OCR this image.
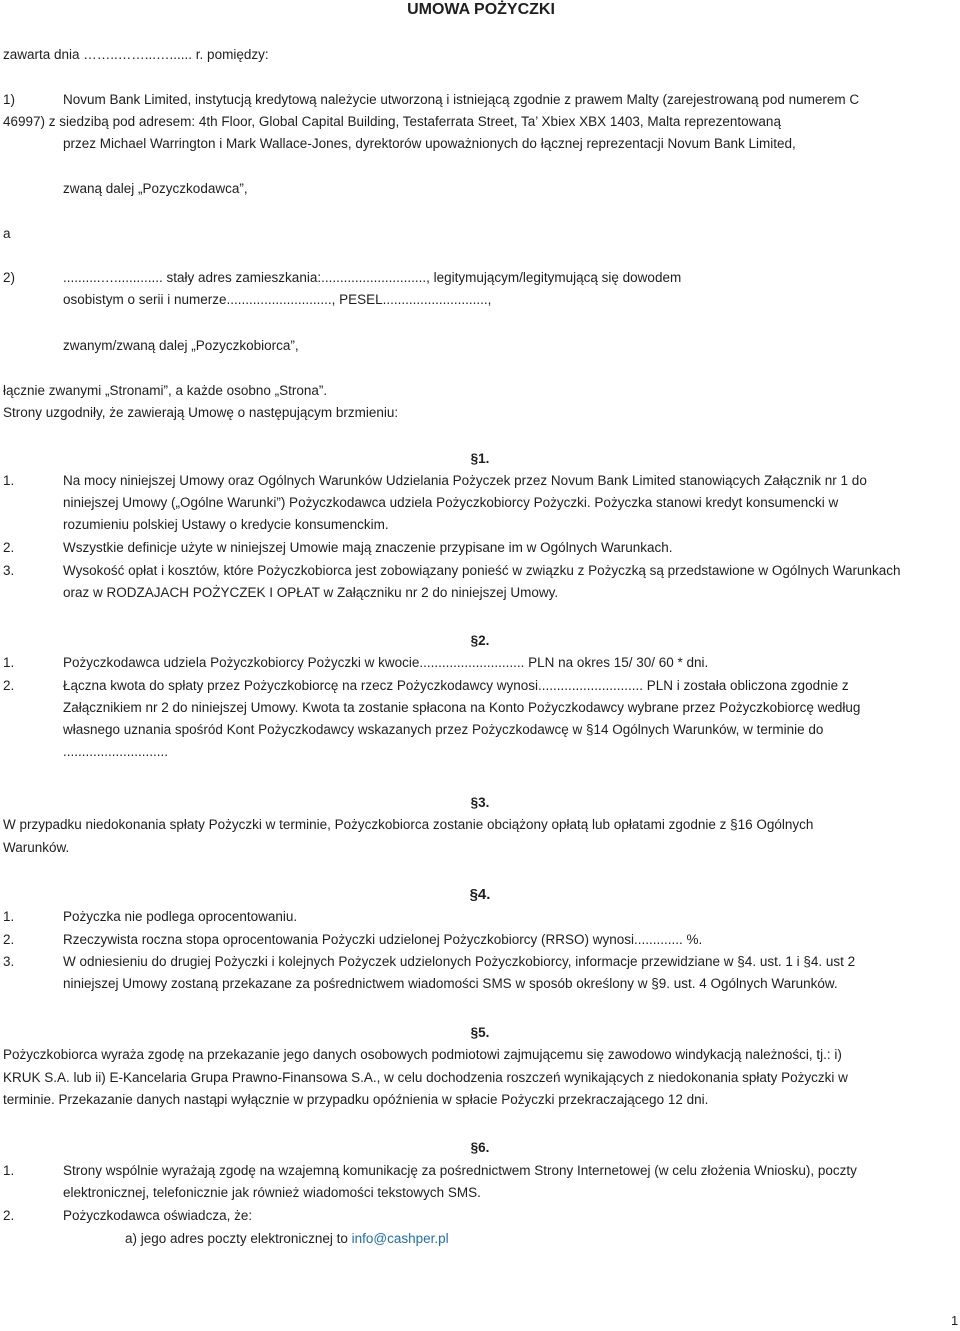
UMOWA POŻYCZKI
zawarta dnia ……..……...…...... r. pomiędzy:
1)	Novum Bank Limited, instytucją kredytową należycie utworzoną i istniejącą zgodnie z prawem Malty (zarejestrowaną pod numerem C
46997) z siedzibą pod adresem: 4th Floor, Global Capital Building, Testaferrata Street, Ta’ Xbiex XBX 1403, Malta reprezentowaną
przez Michael Warrington i Mark Wallace-Jones, dyrektorów upoważnionych do łącznej reprezentacji Novum Bank Limited,
zwaną dalej „Pozyczkodawca”,
a
2)	..........…............. stały adres zamieszkania:............................, legitymującym/legitymującą się dowodem
osobistym o serii i numerze............................, PESEL............................,
zwanym/zwaną dalej „Pozyczkobiorca”,
łącznie zwanymi „Stronami”, a każde osobno „Strona”.
Strony uzgodniły, że zawierają Umowę o następującym brzmieniu:
§1.
1.	Na mocy niniejszej Umowy oraz Ogólnych Warunków Udzielania Pożyczek przez Novum Bank Limited stanowiących Załącznik nr 1 do
niniejszej Umowy („Ogólne Warunki”) Pożyczkodawca udziela Pożyczkobiorcy Pożyczki. Pożyczka stanowi kredyt konsumencki w
rozumieniu polskiej Ustawy o kredycie konsumenckim.
2.	Wszystkie definicje użyte w niniejszej Umowie mają znaczenie przypisane im w Ogólnych Warunkach.
3.	Wysokość opłat i kosztów, które Pożyczkobiorca jest zobowiązany ponieść w związku z Pożyczką są przedstawione w Ogólnych Warunkach
oraz w RODZAJACH POŻYCZEK I OPŁAT w Załączniku nr 2 do niniejszej Umowy.
§2.
1.	Pożyczkodawca udziela Pożyczkobiorcy Pożyczki w kwocie............................ PLN na okres 15/ 30/ 60 * dni.
2.	Łączna kwota do spłaty przez Pożyczkobiorcę na rzecz Pożyczkodawcy wynosi............................ PLN i została obliczona zgodnie z
Załącznikiem nr 2 do niniejszej Umowy. Kwota ta zostanie spłacona na Konto Pożyczkodawcy wybrane przez Pożyczkobiorcę według
własnego uznania spośród Kont Pożyczkodawcy wskazanych przez Pożyczkodawcę w §14 Ogólnych Warunków, w terminie do
............................
§3.
W przypadku niedokonania spłaty Pożyczki w terminie, Pożyczkobiorca zostanie obciążony opłatą lub opłatami zgodnie z §16 Ogólnych
Warunków.
§4.
1.	Pożyczka nie podlega oprocentowaniu.
2.	Rzeczywista roczna stopa oprocentowania Pożyczki udzielonej Pożyczkobiorcy (RRSO) wynosi............. %.
3.	W odniesieniu do drugiej Pożyczki i kolejnych Pożyczek udzielonych Pożyczkobiorcy, informacje przewidziane w §4. ust. 1 i §4. ust 2
niniejszej Umowy zostaną przekazane za pośrednictwem wiadomości SMS w sposób określony w §9. ust. 4 Ogólnych Warunków.
§5.
Pożyczkobiorca wyraża zgodę na przekazanie jego danych osobowych podmiotowi zajmującemu się zawodowo windykacją należności, tj.: i)
KRUK S.A. lub ii) E-Kancelaria Grupa Prawno-Finansowa S.A., w celu dochodzenia roszczeń wynikających z niedokonania spłaty Pożyczki w
terminie. Przekazanie danych nastąpi wyłącznie w przypadku opóźnienia w spłacie Pożyczki przekraczającego 12 dni.
§6.
1.	Strony wspólnie wyrażają zgodę na wzajemną komunikację za pośrednictwem Strony Internetowej (w celu złożenia Wniosku), poczty
elektronicznej, telefonicznie jak również wiadomości tekstowych SMS.
2.	Pożyczkodawca oświadcza, że:
a) jego adres poczty elektronicznej to info@cashper.pl
1
